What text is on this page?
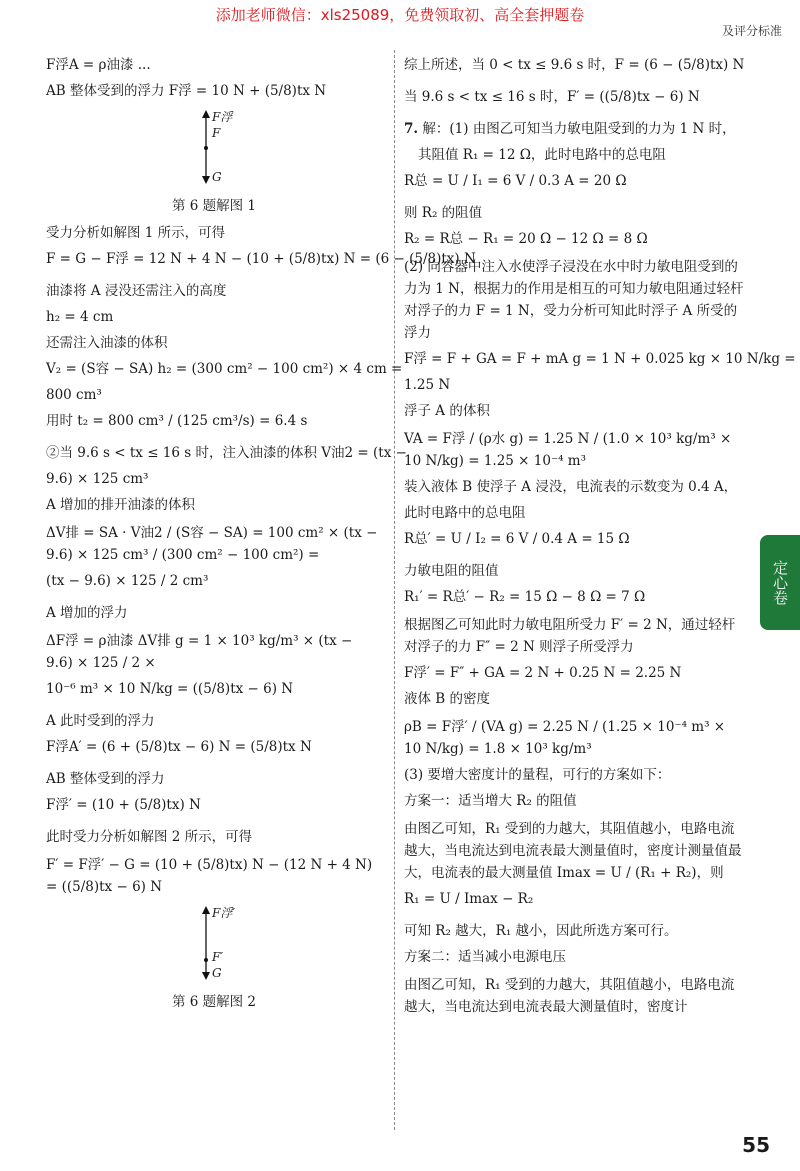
添加老师微信：xls25089，免费领取初、高全套押题卷
及评分标准
F浮A = ρ油漆 ...
AB 整体受到的浮力 F浮 = 10 N + (5/8)tx N
F浮
F
G
第 6 题解图 1
受力分析如解图 1 所示，可得
F = G − F浮 = 12 N + 4 N − (10 + (5/8)tx) N = (6 − (5/8)tx) N
油漆将 A 浸没还需注入的高度
h₂ = 4 cm
还需注入油漆的体积
V₂ = (S容 − SA) h₂ = (300 cm² − 100 cm²) × 4 cm =
800 cm³
用时 t₂ = 800 cm³ / (125 cm³/s) = 6.4 s
②当 9.6 s < tx ≤ 16 s 时，注入油漆的体积 V油2 = (tx −
9.6) × 125 cm³
A 增加的排开油漆的体积
ΔV排 = SA · V油2 / (S容 − SA) = 100 cm² × (tx − 9.6) × 125 cm³ / (300 cm² − 100 cm²) =
(tx − 9.6) × 125 / 2 cm³
A 增加的浮力
ΔF浮 = ρ油漆 ΔV排 g = 1 × 10³ kg/m³ × (tx − 9.6) × 125 / 2 ×
10⁻⁶ m³ × 10 N/kg = ((5/8)tx − 6) N
A 此时受到的浮力
F浮A′ = (6 + (5/8)tx − 6) N = (5/8)tx N
AB 整体受到的浮力
F浮′ = (10 + (5/8)tx) N
此时受力分析如解图 2 所示，可得
F′ = F浮′ − G = (10 + (5/8)tx) N − (12 N + 4 N) = ((5/8)tx − 6) N
F浮′
F′
G
第 6 题解图 2
综上所述，当 0 < tx ≤ 9.6 s 时，F = (6 − (5/8)tx) N
当 9.6 s < tx ≤ 16 s 时，F′ = ((5/8)tx − 6) N
7. 解：(1) 由图乙可知当力敏电阻受到的力为 1 N 时，
其阻值 R₁ = 12 Ω，此时电路中的总电阻
R总 = U / I₁ = 6 V / 0.3 A = 20 Ω
则 R₂ 的阻值
R₂ = R总 − R₁ = 20 Ω − 12 Ω = 8 Ω
(2) 向容器中注入水使浮子浸没在水中时力敏电阻受到的力为 1 N，根据力的作用是相互的可知力敏电阻通过轻杆对浮子的力 F = 1 N，受力分析可知此时浮子 A 所受的浮力
F浮 = F + GA = F + mA g = 1 N + 0.025 kg × 10 N/kg =
1.25 N
浮子 A 的体积
VA = F浮 / (ρ水 g) = 1.25 N / (1.0 × 10³ kg/m³ × 10 N/kg) = 1.25 × 10⁻⁴ m³
装入液体 B 使浮子 A 浸没，电流表的示数变为 0.4 A，
此时电路中的总电阻
R总′ = U / I₂ = 6 V / 0.4 A = 15 Ω
力敏电阻的阻值
R₁′ = R总′ − R₂ = 15 Ω − 8 Ω = 7 Ω
根据图乙可知此时力敏电阻所受力 F′ = 2 N，通过轻杆对浮子的力 F″ = 2 N 则浮子所受浮力
F浮′ = F″ + GA = 2 N + 0.25 N = 2.25 N
液体 B 的密度
ρB = F浮′ / (VA g) = 2.25 N / (1.25 × 10⁻⁴ m³ × 10 N/kg) = 1.8 × 10³ kg/m³
(3) 要增大密度计的量程，可行的方案如下：
方案一：适当增大 R₂ 的阻值
由图乙可知，R₁ 受到的力越大，其阻值越小，电路电流越大，当电流达到电流表最大测量值时，密度计测量值最大，电流表的最大测量值 Imax = U / (R₁ + R₂)，则
R₁ = U / Imax − R₂
可知 R₂ 越大，R₁ 越小，因此所选方案可行。
方案二：适当减小电源电压
由图乙可知，R₁ 受到的力越大，其阻值越小，电路电流越大，当电流达到电流表最大测量值时，密度计
定心卷
55
